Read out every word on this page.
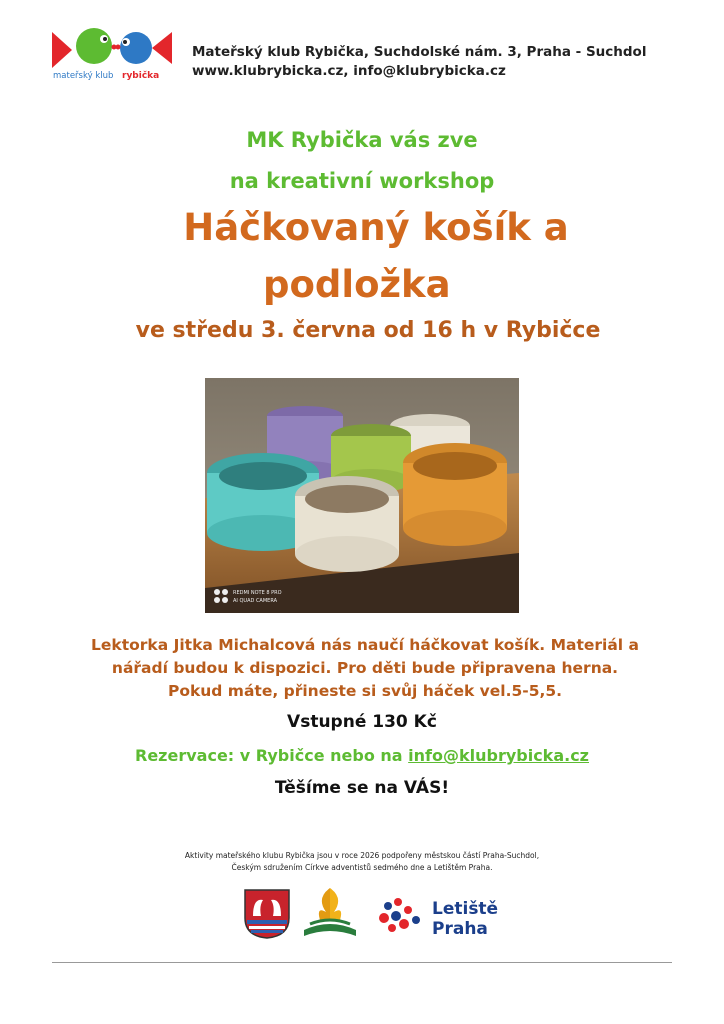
mateřský klub rybička
Mateřský klub Rybička, Suchdolské nám. 3, Praha - Suchdol
www.klubrybicka.cz, info@klubrybicka.cz
MK Rybička vás zve
na kreativní workshop
Háčkovaný košík a
podložka
ve středu 3. června od 16 h v Rybičce
REDMI NOTE 8 PRO
AI QUAD CAMERA
Lektorka Jitka Michalcová nás naučí háčkovat košík. Materiál a
nářadí budou k dispozici. Pro děti bude připravena herna.
Pokud máte, přineste si svůj háček vel.5-5,5.
Vstupné 130 Kč
Rezervace: v Rybičce nebo na info@klubrybicka.cz
Těšíme se na VÁS!
Aktivity mateřského klubu Rybička jsou v roce 2026 podpořeny městskou částí Praha-Suchdol,
Českým sdružením Církve adventistů sedmého dne a Letištěm Praha.
Letiště
Praha
